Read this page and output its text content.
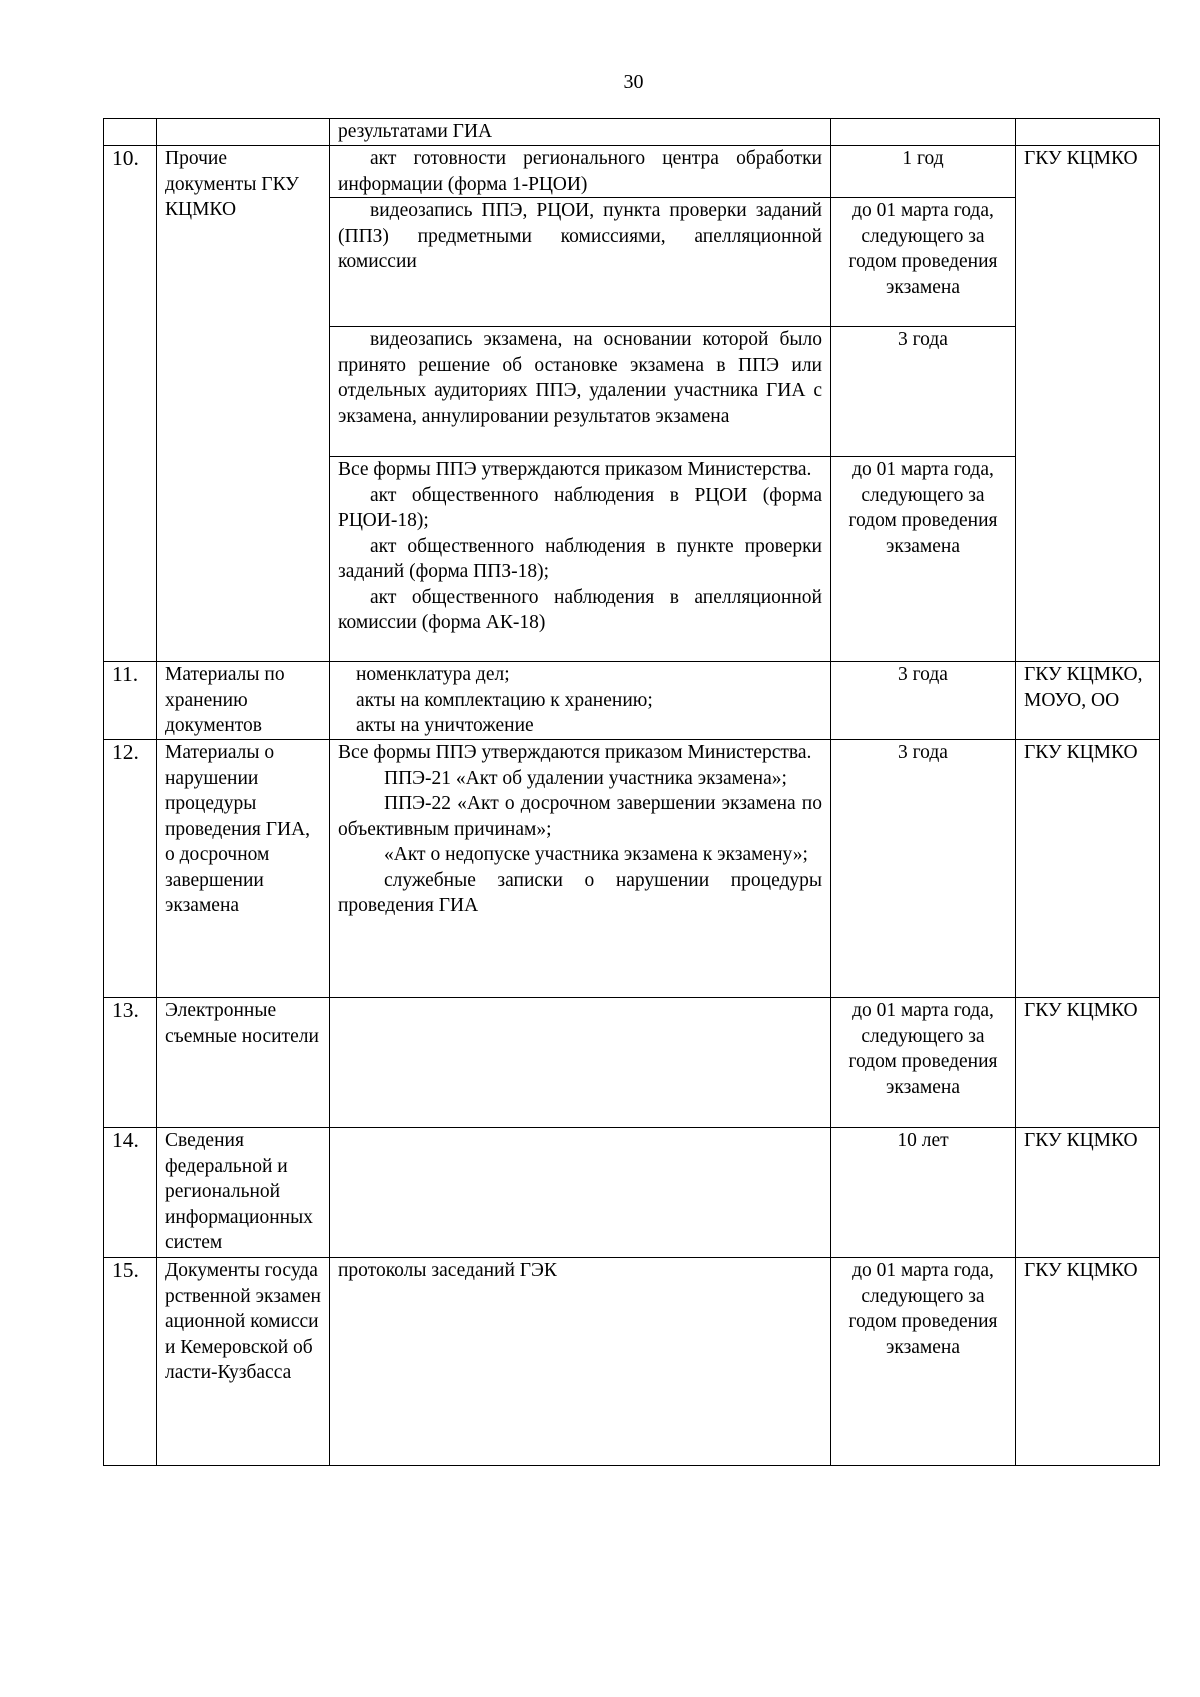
30
		результатами ГИА		
10.	Прочие документы ГКУ КЦМКО	акт готовности регионального центра обработки информации (форма 1-РЦОИ)	1 год	ГКУ КЦМКО

		видеозапись ППЭ, РЦОИ, пункта проверки заданий (ППЗ) предметными комиссиями, апелляционной комиссии	до 01 марта года, следующего за годом проведения экзамена	

		видеозапись экзамена, на основании которой было принято решение об остановке экзамена в ППЭ или отдельных аудиториях ППЭ, удалении участника ГИА с экзамена, аннулировании результатов экзамена	3 года	

		Все формы ППЭ утверждаются приказом Министерства.

акт общественного наблюдения в РЦОИ (форма РЦОИ-18);

акт общественного наблюдения в пункте проверки заданий (форма ППЗ-18);

акт общественного наблюдения в апелляционной комиссии (форма АК-18)	до 01 марта года, следующего за годом проведения экзамена	
11.	Материалы по хранению документов	номенклатура дел;

акты на комплектацию к хранению;

акты на уничтожение	3 года	ГКУ КЦМКО, МОУО, ОО
12.	Материалы о нарушении процедуры проведения ГИА, о досрочном завершении экзамена	Все формы ППЭ утверждаются приказом Министерства.

ППЭ-21 «Акт об удалении участника экзамена»;

ППЭ-22 «Акт о досрочном завершении экзамена по объективным причинам»;

«Акт о недопуске участника экзамена к экзамену»;

служебные записки о нарушении процедуры проведения ГИА	3 года	ГКУ КЦМКО
13.	Электронные съемные носители		до 01 марта года, следующего за годом проведения экзамена	ГКУ КЦМКО
14.	Сведения федеральной и региональной информационных систем		10 лет	ГКУ КЦМКО
15.	Документы государственной экзаменационной комиссии Кемеровской области-Кузбасса	протоколы заседаний ГЭК	до 01 марта года, следующего за годом проведения экзамена	ГКУ КЦМКО
